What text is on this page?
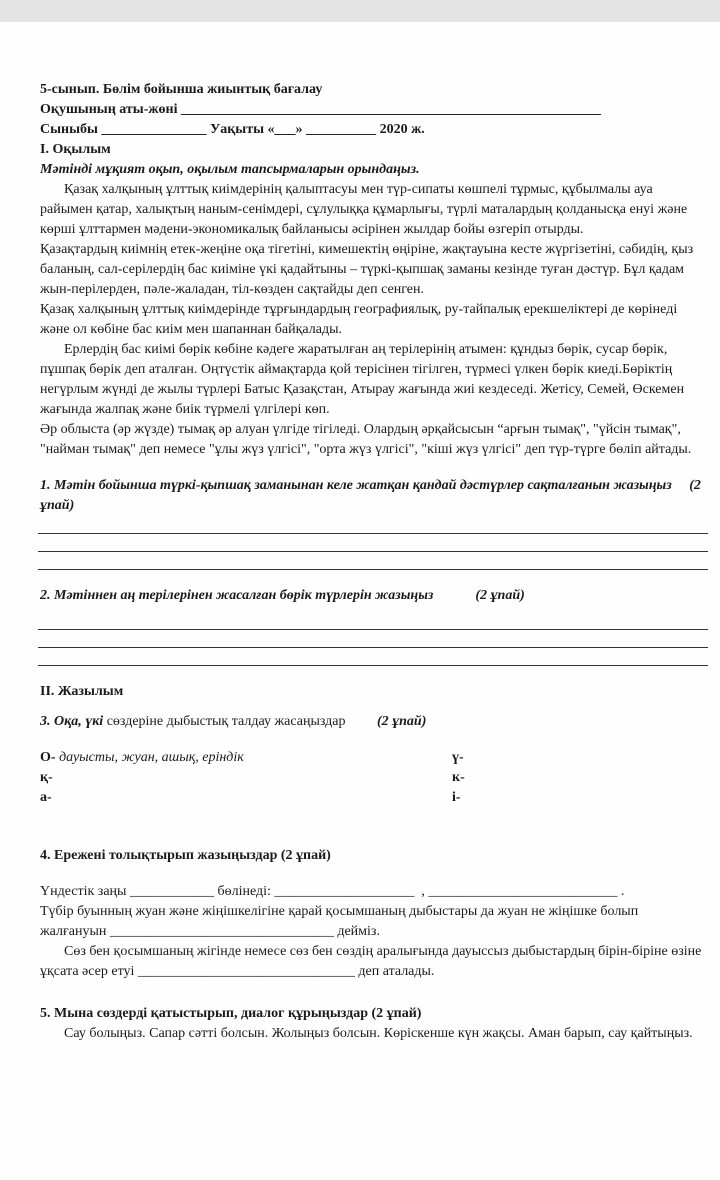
5-сынып. Бөлім бойынша жиынтық бағалау

Оқушының аты-жөні ____________________________________________________________

Сыныбы _______________ Уақыты «___» __________ 2020 ж.

I. Оқылым

Мәтінді мұқият оқып, оқылым тапсырмаларын орындаңыз.

Қазақ халқының ұлттық киімдерінің қалыптасуы мен түр-сипаты көшпелі тұрмыс, құбылмалы ауа райымен қатар, халықтың наным-сенімдері, сұлулыққа құмарлығы, түрлі маталардың қолданысқа енуі және көрші ұлттармен мәдени-экономикалық байланысы әсірінен жылдар бойы өзгеріп отырды.

Қазақтардың киімнің етек-жеңіне оқа тігетіні, кимешектің өңіріне, жақтауына кесте жүргізетіні, сәбидің, қыз баланың, сал-серілердің бас киіміне үкі қадайтыны – түркі-қыпшақ заманы кезінде туған дәстүр. Бұл қадам жын-перілерден, пәле-жаладан, тіл-көзден сақтайды деп сенген.

Қазақ халқының ұлттық киімдерінде тұрғындардың географиялық, ру-тайпалық ерекшеліктері де көрінеді және ол көбіне бас киім мен шапаннан байқалады.

Ерлердің бас киімі бөрік көбіне кәдеге жаратылған аң терілерінің атымен: құндыз бөрік, сусар бөрік, пұшпақ бөрік деп аталған. Оңтүстік аймақтарда қой терісінен тігілген, түрмесі үлкен бөрік киеді.Бөріктің негүрлым жүнді де жылы түрлері Батыс Қазақстан, Атырау жағында жиі кездеседі. Жетісу, Семей, Өскемен жағында жалпақ және биік түрмелі үлгілері көп.

Әр облыста (әр жүзде) тымақ әр алуан үлгіде тігіледі. Олардың әрқайсысын “арғын тымақ", "үйсін тымақ", "найман тымақ" деп немесе "ұлы жүз үлгісі", "орта жүз үлгісі", "кіші жүз үлгісі" деп түр-түрге бөліп айтады.

1. Мәтін бойынша түркі-қыпшақ заманынан келе жатқан қандай дәстүрлер сақталғанын жазыңыз (2 ұпай)

2. Мәтіннен аң терілерінен жасалған бөрік түрлерін жазыңыз	(2 ұпай)

II. Жазылым

3. Оқа, үкі сөздеріне дыбыстық талдау жасаңыздар (2 ұпай)

О- дауысты, жуан, ашық, еріндік

қ-

а-

ү-

к-

і-

4. Ережені толықтырып жазыңыздар (2 ұпай)

Үндестік заңы ____________ бөлінеді: ____________________ , ___________________________ .

Түбір буынның жуан және жіңішкелігіне қарай қосымшаның дыбыстары да жуан не жіңішке болып жалғануын ________________________________ дейміз.

Сөз бен қосымшаның жігінде немесе сөз бен сөздің аралығында дауыссыз дыбыстардың бірін-біріне өзіне ұқсата әсер етуі _______________________________ деп аталады.

5. Мына сөздерді қатыстырып, диалог құрыңыздар (2 ұпай)

Сау болыңыз. Сапар сәтті болсын. Жолыңыз болсын. Көріскенше күн жақсы. Аман барып, сау қайтыңыз.
